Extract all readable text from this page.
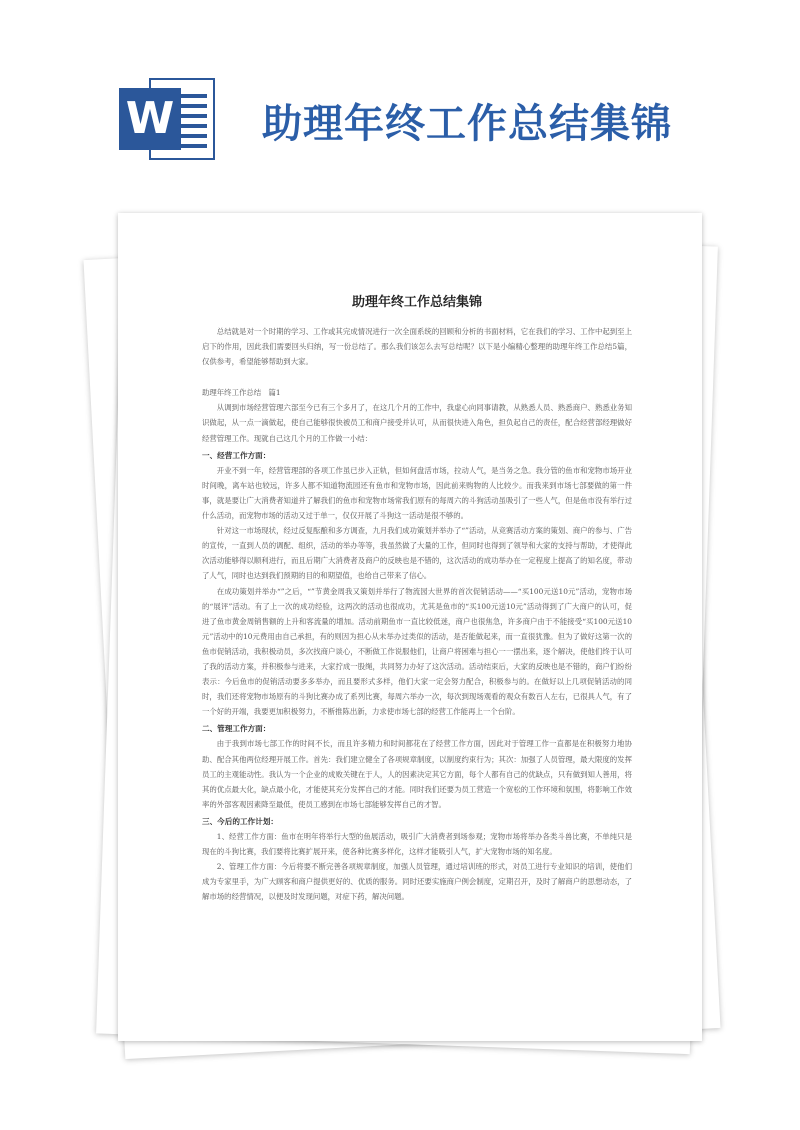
W 助理年终工作总结集锦
助理年终工作总结集锦

总结就是对一个时期的学习、工作或其完成情况进行一次全面系统的回顾和分析的书面材料，它在我们的学习、工作中起到至上启下的作用，因此我们需要回头归纳，写一份总结了。那么我们该怎么去写总结呢？以下是小编精心整理的助理年终工作总结5篇，仅供参考，希望能够帮助到大家。

助理年终工作总结　篇1

从调到市场经营管理六部至今已有三个多月了，在这几个月的工作中，我虚心向同事请教，从熟悉人员、熟悉商户、熟悉业务知识做起，从一点一滴做起，使自己能够很快被员工和商户接受并认可，从而很快进入角色，担负起自己的责任，配合经营部经理做好经营管理工作。现就自己这几个月的工作做一小结：

一、经营工作方面：

开业不到一年，经营管理部的各项工作虽已步入正轨，但如何盘活市场，拉动人气，是当务之急。我分管的鱼市和宠物市场开业时间晚，离车站也较远，许多人都不知道物流园还有鱼市和宠物市场，因此前来购物的人比较少。而我来到市场七部要做的第一件事，就是要让广大消费者知道并了解我们的鱼市和宠物市场常我们原有的每周六的斗狗活动虽吸引了一些人气，但是鱼市没有举行过什么活动，而宠物市场的活动又过于单一，仅仅开展了斗狗这一活动是很不够的。

针对这一市场现状，经过反复酝酿和多方调查，九月我们成功策划并举办了“”活动，从竞赛活动方案的策划、商户的参与、广告的宣传，一直到人员的调配、组织，活动的举办等等，我虽然做了大量的工作，但同时也得到了领导和大家的支持与帮助，才使得此次活动能够得以顺利进行，而且后期广大消费者及商户的反映也是不错的，这次活动的成功举办在一定程度上提高了的知名度，带动了人气，同时也达到我们预期的目的和期望值，也给自己带来了信心。

在成功策划并举办“”之后，“”节黄金周我又策划并举行了物流园大世界的首次促销活动——“买100元送10元”活动，宠物市场的“展评”活动。有了上一次的成功经验，这两次的活动也很成功，尤其是鱼市的“买100元送10元”活动得到了广大商户的认可，促进了鱼市黄金周销售额的上升和客流量的增加。活动前期鱼市一直比较低迷，商户也很焦急，许多商户由于不能接受“买100元送10元”活动中的10元费用由自己承担，有的则因为担心从未举办过类似的活动，是否能做起来，而一直很犹豫。但为了做好这第一次的鱼市促销活动，我积极动员，多次找商户谈心，不断做工作说服他们，让商户将困难与担心一一摆出来，逐个解决，使他们终于认可了我的活动方案，并积极参与进来，大家拧成一股绳，共同努力办好了这次活动。活动结束后，大家的反映也是不错的，商户们纷纷表示：今后鱼市的促销活动要多多举办，而且要形式多样，他们大家一定会努力配合，积极参与的。在做好以上几项促销活动的同时，我们还将宠物市场原有的斗狗比赛办成了系列比赛，每周六举办一次，每次到现场观看的观众有数百人左右，已很具人气，有了一个好的开端，我要更加积极努力，不断推陈出新，力求使市场七部的经营工作能再上一个台阶。

二、管理工作方面：

由于我到市场七部工作的时间不长，而且许多精力和时间都花在了经营工作方面，因此对于管理工作一直都是在积极努力地协助、配合其他两位经理开展工作。首先：我们建立健全了各项规章制度，以制度约束行为；其次：加强了人员管理，最大限度的发挥员工的主观能动性。我认为一个企业的成败关键在于人，人的因素决定其它方面，每个人都有自己的优缺点，只有做到知人善用，将其的优点最大化，缺点最小化，才能使其充分发挥自己的才能。同时我们还要为员工营造一个宽松的工作环境和氛围，将影响工作效率的外部客观因素降至最低，使员工感到在市场七部能够发挥自己的才智。

三、今后的工作计划：

1、经营工作方面：鱼市在明年将举行大型的鱼展活动，吸引广大消费者到场参观；宠物市场将举办各类斗兽比赛，不单纯只是现在的斗狗比赛，我们要将比赛扩展开来，使各种比赛多样化，这样才能吸引人气，扩大宠物市场的知名度。

2、管理工作方面：今后将要不断完善各项规章制度，加强人员管理，通过培训班的形式，对员工进行专业知识的培训，使他们成为专家里手，为广大顾客和商户提供更好的、优质的服务。同时还要实施商户例会制度，定期召开，及时了解商户的思想动态，了解市场的经营情况，以便及时发现问题，对症下药，解决问题。
